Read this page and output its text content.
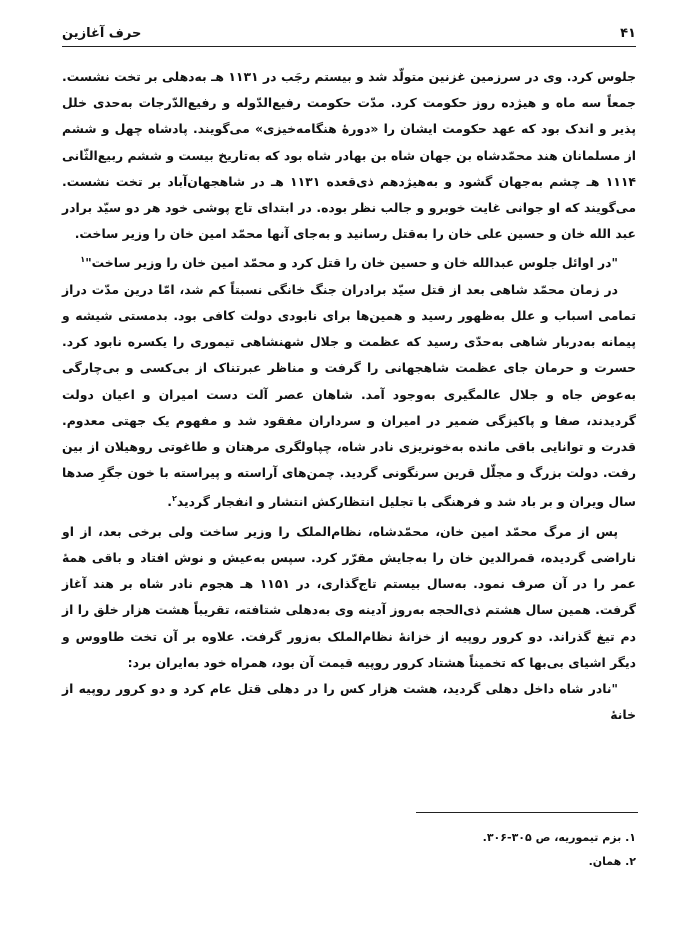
حرف آغازین	۴۱

جلوس کرد. وی در سرزمین غزنین متولّد شد و بیستم رجَب در ۱۱۳۱ هـ به‌دهلی بر تخت نشست. جمعاً سه ماه و هیژده روز حکومت کرد. مدّت حکومت رفیع‌الدّوله و رفیع‌الدّرجات به‌حدی خلل پذیر و اندک بود که عهد حکومت ایشان را «دورهٔ هنگامه‌خیزی» می‌گویند. پادشاه چهل و ششم از مسلمانان هند محمّدشاه بن جهان شاه بن بهادر شاه بود که به‌تاریخ بیست و ششم ربیع‌الثّانی ۱۱۱۴ هـ چشم به‌جهان گشود و به‌هیژدهم ذی‌قعده ۱۱۳۱ هـ در شاهجهان‌آباد بر تخت نشست. می‌گویند که او جوانی غایت خوبرو و جالب نظر بوده. در ابتدای تاج پوشی خود هر دو سیّد برادر عبد الله خان و حسین علی خان را به‌قتل رسانید و به‌جای آنها محمّد امین خان را وزیر ساخت.

"در اوائل جلوس عبدالله خان و حسین خان را قتل کرد و محمّد امین خان را وزیر ساخت"$^۱$

در زمان محمّد شاهی بعد از قتل سیّد برادران جنگ خانگی نسبتاً کم شد، امّا درین مدّت دراز تمامی اسباب و علل به‌ظهور رسید و همین‌ها برای نابودی دولت کافی بود. بدمستی شیشه و پیمانه به‌دربار شاهی به‌حدّی رسید که عظمت و جلال شهنشاهی تیموری را یکسره نابود کرد. حسرت و حرمان جای عظمت شاهجهانی را گرفت و مناظر عبرتناک از بی‌کسی و بی‌چارگی به‌عوض جاه و جلال عالمگیری به‌وجود آمد. شاهان عصر آلت دست امیران و اعیان دولت گردیدند، صفا و پاکیزگی ضمیر در امیران و سرداران مفقود شد و مفهوم یک جهتی معدوم. قدرت و توانایی باقی مانده به‌خونریزی نادر شاه، چپاولگری مرهتان و طاغوتی روهیلان از بین رفت. دولت بزرگ و مجلّل قرین سرنگونی گردید. چمن‌های آراسته و پیراسته با خون جگرِ صدها سال ویران و بر باد شد و فرهنگی با تجلیل انتظارکش انتشار و انفجار گردید$^۲$.

پس از مرگ محمّد امین خان، محمّدشاه، نظام‌الملک را وزیر ساخت ولی برخی بعد، از او ناراضی گردیده، قمرالدین خان را به‌جایش مقرّر کرد. سپس به‌عیش و نوش افتاد و باقی همهٔ عمر را در آن صرف نمود. به‌سال بیستم تاج‌گذاری، در ۱۱۵۱ هـ هجوم نادر شاه بر هند آغاز گرفت. همین سال هشتم ذی‌الحجه به‌روز آدینه وی به‌دهلی شتافته، تقریباً هشت هزار خلق را از دم تیغ گذراند. دو کرور روپیه از خزانهٔ نظام‌الملک به‌زور گرفت. علاوه بر آن تخت طاووس و دیگر اشیای بی‌بها که تخمیناً هشتاد کرور روپیه قیمت آن بود، همراه خود به‌ایران برد:

"نادر شاه داخل دهلی گردید، هشت هزار کس را در دهلی قتل عام کرد و دو کرور روپیه از خانهٔ

۱. بزم تیموریه، ص ۳۰۵-۳۰۶.
۲. همان.
